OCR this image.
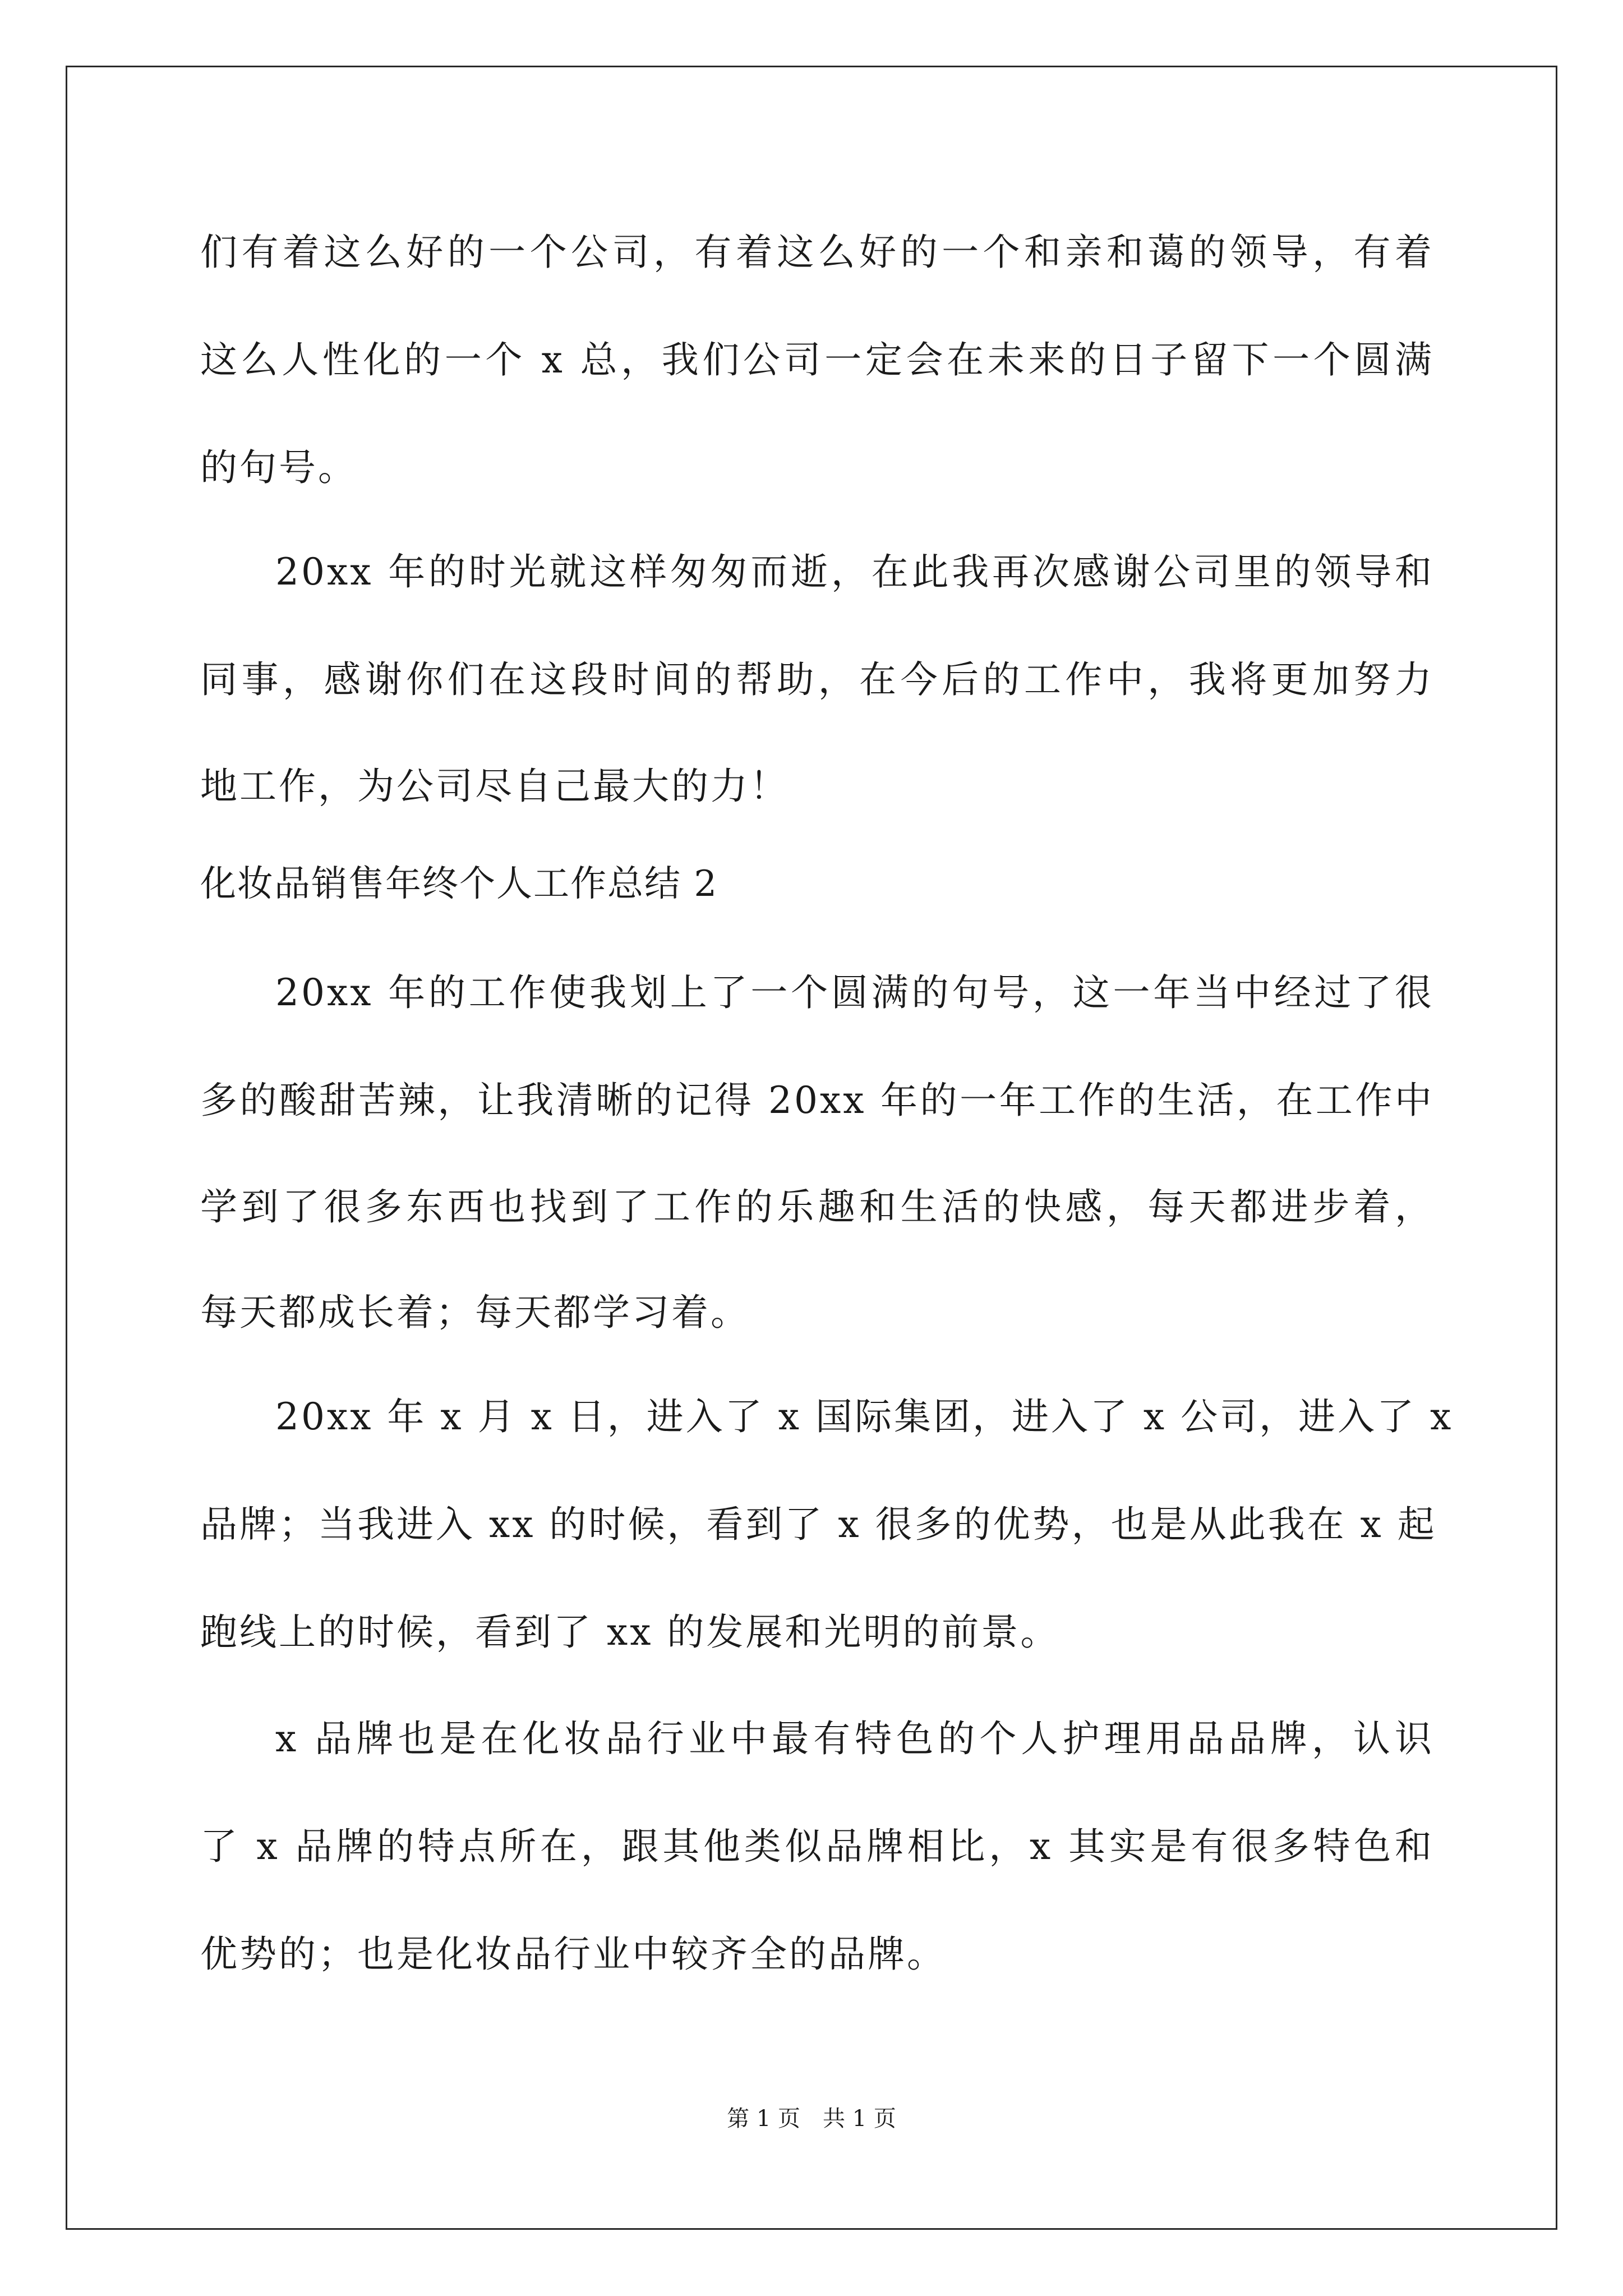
们有着这么好的一个公司，有着这么好的一个和亲和蔼的领导，有着
这么人性化的一个 x 总，我们公司一定会在未来的日子留下一个圆满
的句号。
20xx 年的时光就这样匆匆而逝，在此我再次感谢公司里的领导和
同事，感谢你们在这段时间的帮助，在今后的工作中，我将更加努力
地工作，为公司尽自己最大的力！
化妆品销售年终个人工作总结 2
20xx 年的工作使我划上了一个圆满的句号，这一年当中经过了很
多的酸甜苦辣，让我清晰的记得 20xx 年的一年工作的生活，在工作中
学到了很多东西也找到了工作的乐趣和生活的快感，每天都进步着，
每天都成长着；每天都学习着。
20xx 年 x 月 x 日，进入了 x 国际集团，进入了 x 公司，进入了 x
品牌；当我进入 xx 的时候，看到了 x 很多的优势，也是从此我在 x 起
跑线上的时候，看到了 xx 的发展和光明的前景。
x 品牌也是在化妆品行业中最有特色的个人护理用品品牌，认识
了 x 品牌的特点所在，跟其他类似品牌相比，x 其实是有很多特色和
优势的；也是化妆品行业中较齐全的品牌。
第 1 页　共 1 页
